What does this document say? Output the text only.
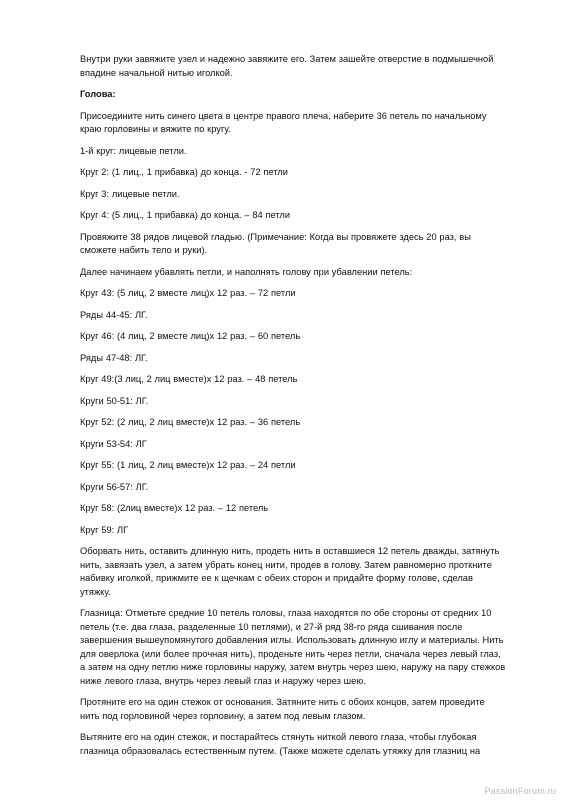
Внутри руки завяжите узел и надежно завяжите его. Затем зашейте отверстие в подмышечной впадине начальной нитью иголкой.

Голова:

Присоедините нить синего цвета в центре правого плеча, наберите 36 петель по начальному краю горловины и вяжите по кругу.

1-й круг: лицевые петли.

Круг 2: (1 лиц., 1 прибавка) до конца. - 72 петли

Круг 3: лицевые петли.

Круг 4: (5 лиц., 1 прибавка) до конца. – 84 петли

Провяжите 38 рядов лицевой гладью. (Примечание: Когда вы провяжете здесь 20 раз, вы сможете набить тело и руки).

Далее начинаем убавлять петли, и наполнять голову при убавлении петель:

Круг 43: (5 лиц, 2 вместе лиц)х 12 раз. – 72 петли

Ряды 44-45: ЛГ.

Круг 46: (4 лиц, 2 вместе лиц)х 12 раз. – 60 петель

Ряды 47-48: ЛГ.

Круг 49:(3 лиц, 2 лиц вместе)х 12 раз. – 48 петель

Круги 50-51: ЛГ.

Круг 52: (2 лиц, 2 лиц вместе)х 12 раз. – 36 петель

Круги 53-54: ЛГ

Круг 55: (1 лиц, 2 лиц вместе)х 12 раз. – 24 петли

Круги 56-57: ЛГ.

Круг 58: (2лиц вместе)х 12 раз. – 12 петель

Круг 59: ЛГ

Оборвать нить, оставить длинную нить, продеть нить в оставшиеся 12 петель дважды, затянуть нить, завязать узел, а затем убрать конец нити, продев в голову. Затем равномерно проткните набивку иголкой, прижмите ее к щечкам с обеих сторон и придайте форму голове, сделав утяжку.

Глазница: Отметьте средние 10 петель головы, глаза находятся по обе стороны от средних 10 петель (т.е. два глаза, разделенные 10 петлями), и 27-й ряд 38-го ряда сшивания после завершения вышеупомянутого добавления иглы. Использовать длинную иглу и материалы. Нить для оверлока (или более прочная нить), проденьте нить через петли, сначала через левый глаз, а затем на одну петлю ниже горловины наружу, затем внутрь через шею, наружу на пару стежков ниже левого глаза, внутрь через левый глаз и наружу через шею.

Протяните его на один стежок от основания. Затяните нить с обоих концов, затем проведите нить под горловиной через горловину, а затем под левым глазом.

Вытяните его на один стежок, и постарайтесь стянуть ниткой левого глаза, чтобы глубокая глазница образовалась естественным путем. (Также можете сделать утяжку для глазниц на

PassionForum.ru
